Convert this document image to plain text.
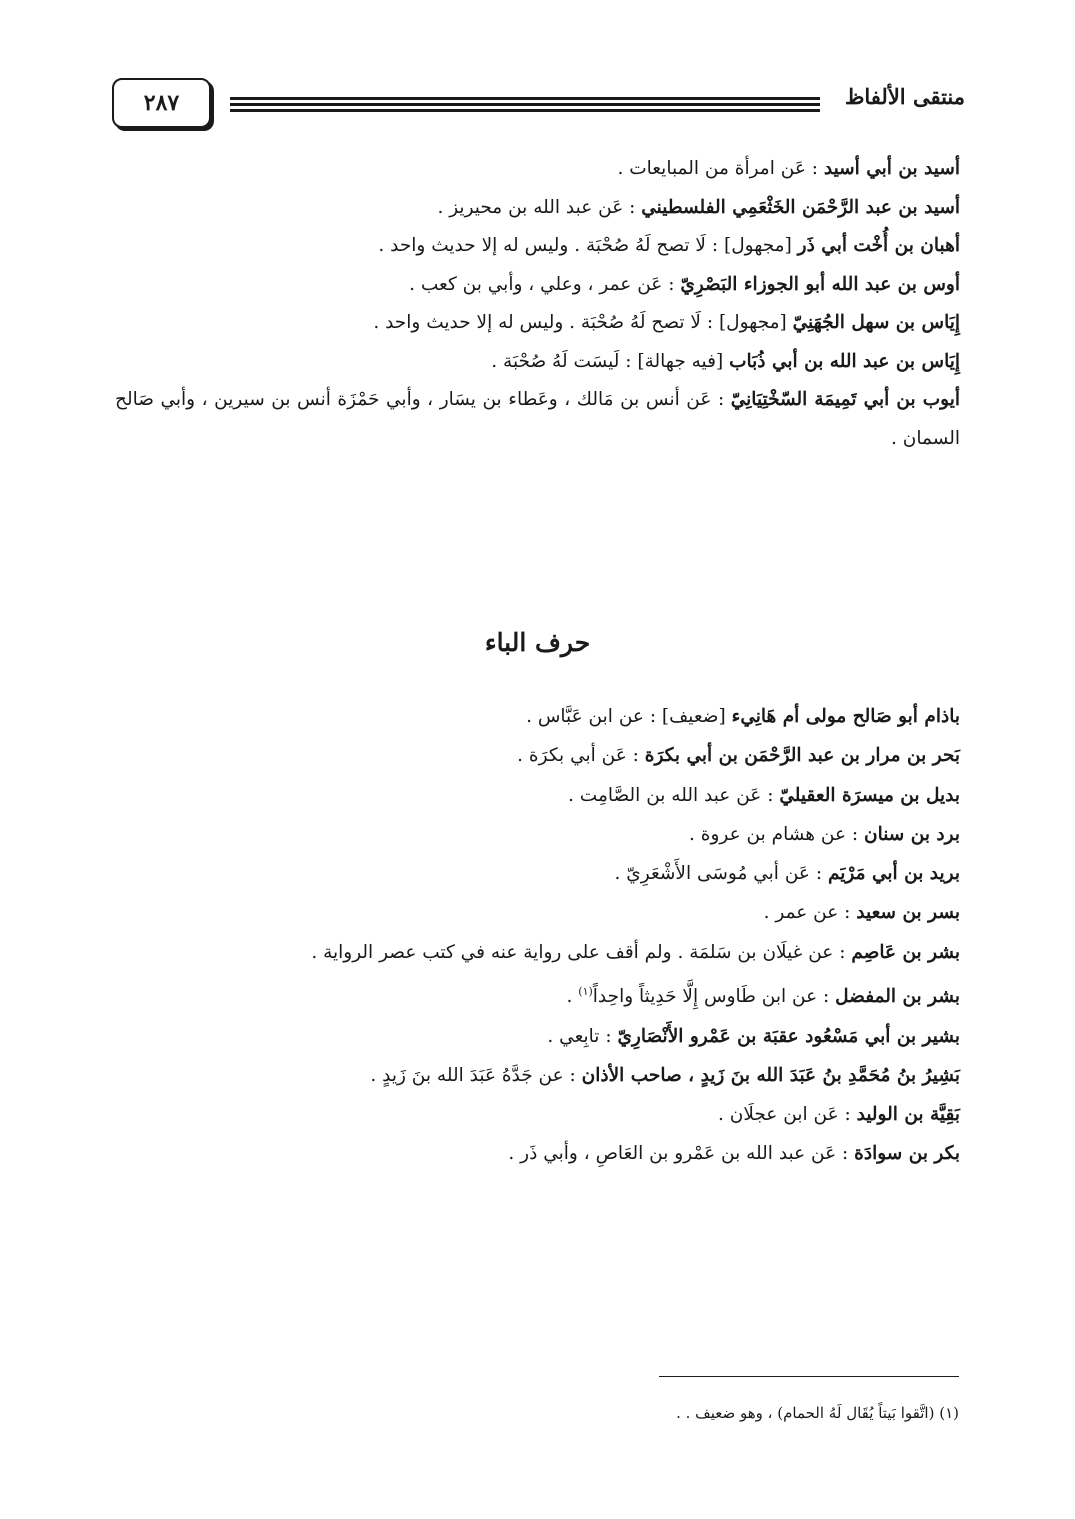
منتقى الألفاظ
٢٨٧

أسيد بن أبي أسيد : عَن امرأة من المبايعات .

أسيد بن عبد الرَّحْمَن الخَثْعَمِي الفلسطيني : عَن عبد الله بن محيريز .

أهبان بن أُخْت أبي ذَر [مجهول] : لَا تصح لَهُ صُحْبَة . وليس له إلا حديث واحد .

أوس بن عبد الله أبو الجوزاء البَصْرِيّ : عَن عمر ، وعلي ، وأبي بن كعب .

إِيَاس بن سهل الجُهَنِيّ [مجهول] : لَا تصح لَهُ صُحْبَة . وليس له إلا حديث واحد .

إِيَاس بن عبد الله بن أبي ذُبَاب [فيه جهالة] : لَيسَت لَهُ صُحْبَة .

أيوب بن أبي تَمِيمَة السّخْتِيَانِيّ : عَن أنس بن مَالك ، وعَطاء بن يسَار ، وأبي حَمْزَة أنس بن سيرين ، وأبي صَالح السمان .

حرف الباء

باذام أبو صَالح مولى أم هَانِيء [ضعيف] : عن ابن عَبَّاس .

بَحر بن مرار بن عبد الرَّحْمَن بن أبي بكرَة : عَن أبي بكرَة .

بديل بن ميسرَة العقيليّ : عَن عبد الله بن الصَّامِت .

برد بن سنان : عن هشام بن عروة .

بريد بن أبي مَرْيَم : عَن أبي مُوسَى الأَشْعَرِيّ .

بسر بن سعيد : عن عمر .

بشر بن عَاصِم : عن غيلَان بن سَلمَة . ولم أقف على رواية عنه في كتب عصر الرواية .

بشر بن المفضل : عن ابن طَاوس إِلَّا حَدِيثاً واحِداً$^{(١)}$ .

بشير بن أبي مَسْعُود عقبَة بن عَمْرو الأَنْصَارِيّ : تابِعي .

بَشِيرُ بنُ مُحَمَّدِ بنُ عَبَدَ الله بنَ زَيدٍ ، صاحب الأذان : عن جَدَّهُ عَبَدَ الله بنَ زَيدٍ .

بَقِيَّة بن الوليد : عَن ابن عجلَان .

بكر بن سوادَة : عَن عبد الله بن عَمْرو بن العَاصِ ، وأبي ذَر .

(١) (اتَّقوا بَيتاً يُقَال لَهُ الحمام) ، وهو ضعيف . .
